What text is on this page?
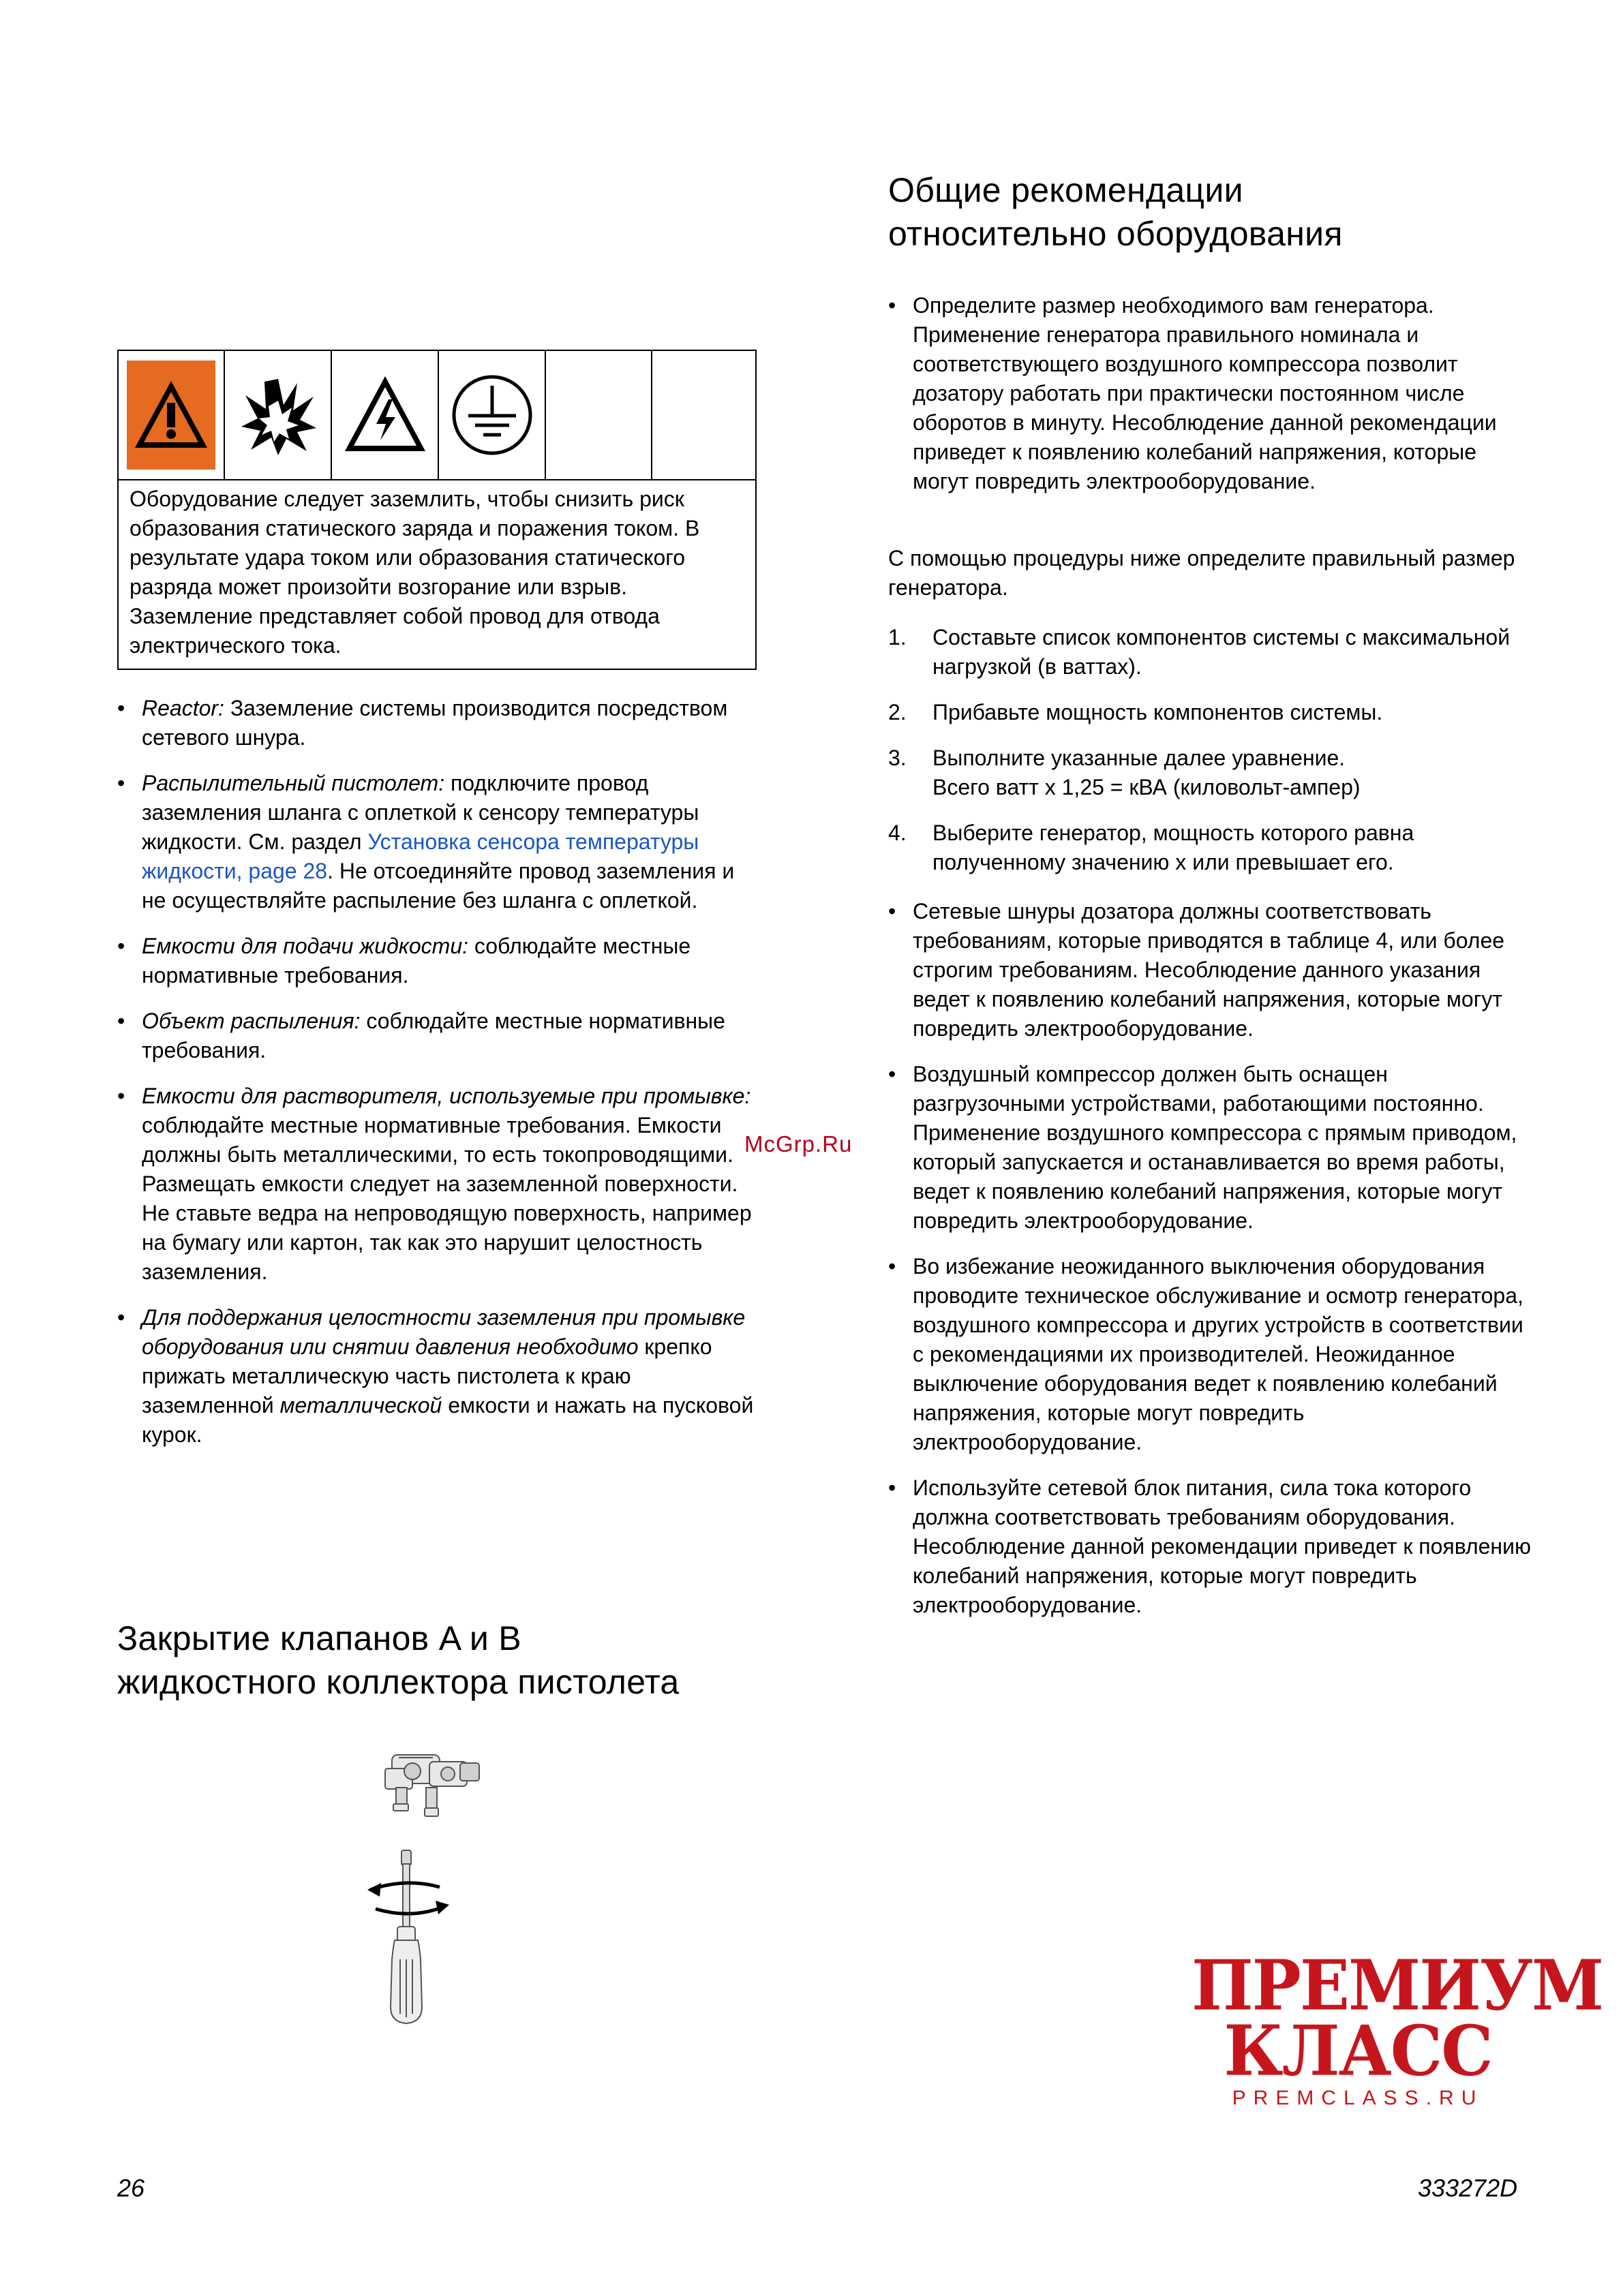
Оборудование следует заземлить, чтобы снизить риск образования статического заряда и поражения током. В результате удара током или образования статического разряда может произойти возгорание или взрыв. Заземление представляет собой провод для отвода электрического тока.
• Reactor: Заземление системы производится посредством сетевого шнура.
• Распылительный пистолет: подключите провод заземления шланга с оплеткой к сенсору температуры жидкости. См. раздел Установка сенсора температуры жидкости, page 28. Не отсоединяйте провод заземления и не осуществляйте распыление без шланга с оплеткой.
• Емкости для подачи жидкости: соблюдайте местные нормативные требования.
• Объект распыления: соблюдайте местные нормативные требования.
• Емкости для растворителя, используемые при промывке: соблюдайте местные нормативные требования. Емкости должны быть металлическими, то есть токопроводящими. Размещать емкости следует на заземленной поверхности. Не ставьте ведра на непроводящую поверхность, например на бумагу или картон, так как это нарушит целостность заземления.
• Для поддержания целостности заземления при промывке оборудования или снятии давления необходимо крепко прижать металлическую часть пистолета к краю заземленной металлической емкости и нажать на пусковой курок.
Закрытие клапанов A и B
жидкостного коллектора пистолета
Общие рекомендации
относительно оборудования
• Определите размер необходимого вам генератора. Применение генератора правильного номинала и соответствующего воздушного компрессора позволит дозатору работать при практически постоянном числе оборотов в минуту. Несоблюдение данной рекомендации приведет к появлению колебаний напряжения, которые могут повредить электрооборудование.
С помощью процедуры ниже определите правильный размер генератора.
1. Составьте список компонентов системы с максимальной нагрузкой (в ваттах).
2. Прибавьте мощность компонентов системы.
3. Выполните указанные далее уравнение.
Всего ватт x 1,25 = кВА (киловольт-ампер)
4. Выберите генератор, мощность которого равна полученному значению x или превышает его.
• Сетевые шнуры дозатора должны соответствовать требованиям, которые приводятся в таблице 4, или более строгим требованиям. Несоблюдение данного указания ведет к появлению колебаний напряжения, которые могут повредить электрооборудование.
• Воздушный компрессор должен быть оснащен разгрузочными устройствами, работающими постоянно. Применение воздушного компрессора с прямым приводом, который запускается и останавливается во время работы, ведет к появлению колебаний напряжения, которые могут повредить электрооборудование.
• Во избежание неожиданного выключения оборудования проводите техническое обслуживание и осмотр генератора, воздушного компрессора и других устройств в соответствии с рекомендациями их производителей. Неожиданное выключение оборудования ведет к появлению колебаний напряжения, которые могут повредить электрооборудование.
• Используйте сетевой блок питания, сила тока которого должна соответствовать требованиям оборудования. Несоблюдение данной рекомендации приведет к появлению колебаний напряжения, которые могут повредить электрооборудование.
McGrp.Ru
ПРЕМИУМ
КЛАСС
PREMCLASS.RU
26	333272D
